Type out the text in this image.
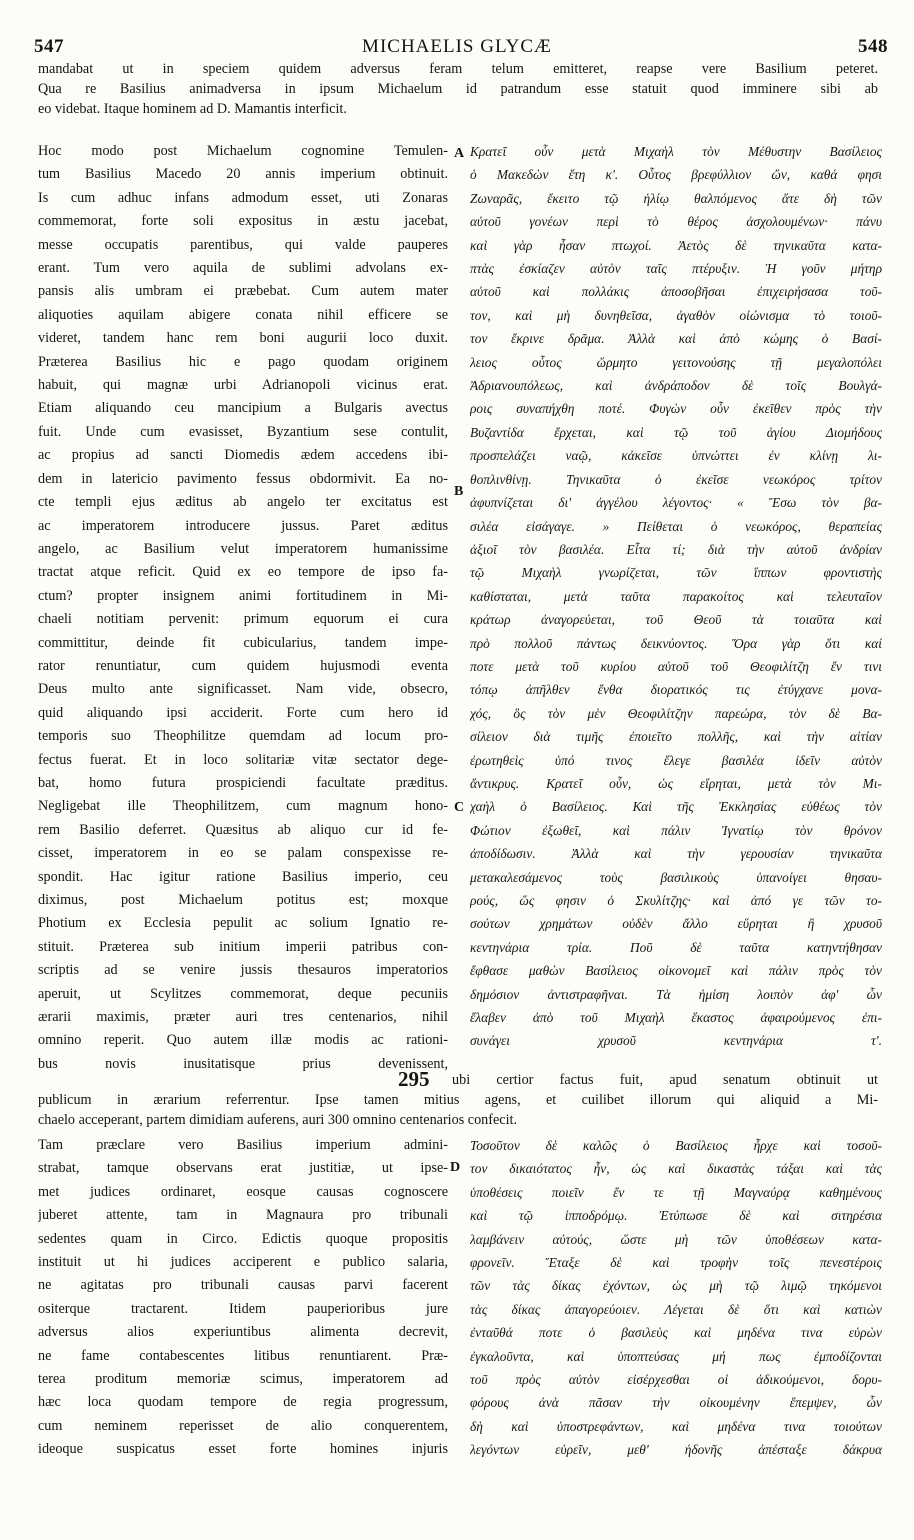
547	MICHAELIS GLYCÆ	548
mandabat ut in speciem quidem adversus feram telum emitteret, reapse vere Basilium peteret.
Qua re Basilius animadversa in ipsum Michaelum id patrandum esse statuit quod imminere sibi ab
eo videbat. Itaque hominem ad D. Mamantis interficit.
Hoc modo post Michaelum cognomine Temulen-
tum Basilius Macedo 20 annis imperium obtinuit.
Is cum adhuc infans admodum esset, uti Zonaras
commemorat, forte soli expositus in æstu jacebat,
messe occupatis parentibus, qui valde pauperes
erant. Tum vero aquila de sublimi advolans ex-
pansis alis umbram ei præbebat. Cum autem mater
aliquoties aquilam abigere conata nihil efficere se
videret, tandem hanc rem boni augurii loco duxit.
Præterea Basilius hic e pago quodam originem
habuit, qui magnæ urbi Adrianopoli vicinus erat.
Etiam aliquando ceu mancipium a Bulgaris avectus
fuit. Unde cum evasisset, Byzantium sese contulit,
ac propius ad sancti Diomedis ædem accedens ibi-
dem in latericio pavimento fessus obdormivit. Ea no-
cte templi ejus æditus ab angelo ter excitatus est
ac imperatorem introducere jussus. Paret æditus
angelo, ac Basilium velut imperatorem humanissime
tractat atque reficit. Quid ex eo tempore de ipso fa-
ctum? propter insignem animi fortitudinem in Mi-
chaeli notitiam pervenit: primum equorum ei cura
committitur, deinde fit cubicularius, tandem impe-
rator renuntiatur, cum quidem hujusmodi eventa
Deus multo ante significasset. Nam vide, obsecro,
quid aliquando ipsi acciderit. Forte cum hero id
temporis suo Theophilitze quemdam ad locum pro-
fectus fuerat. Et in loco solitariæ vitæ sectator dege-
bat, homo futura prospiciendi facultate præditus.
Negligebat ille Theophilitzem, cum magnum hono-
rem Basilio deferret. Quæsitus ab aliquo cur id fe-
cisset, imperatorem in eo se palam conspexisse re-
spondit. Hac igitur ratione Basilius imperio, ceu
diximus, post Michaelum potitus est; moxque
Photium ex Ecclesia pepulit ac solium Ignatio re-
stituit. Præterea sub initium imperii patribus con-
scriptis ad se venire jussis thesauros imperatorios
aperuit, ut Scylitzes commemorat, deque pecuniis
ærarii maximis, præter auri tres centenarios, nihil
omnino reperit. Quo autem illæ modis ac rationi-
bus novis inusitatisque prius devenissent,
Κρατεῖ οὖν μετὰ Μιχαὴλ τὸν Μέθυστην Βασίλειος
ὁ Μακεδὼν ἔτη κ'. Οὗτος βρεφύλλιον ὤν, καθά φησι
Ζωναρᾶς, ἔκειτο τῷ ἡλίῳ θαλπόμενος ἅτε δὴ τῶν
αὐτοῦ γονέων περὶ τὸ θέρος ἀσχολουμένων· πάνυ
καὶ γὰρ ἦσαν πτωχοί. Ἀετὸς δὲ τηνικαῦτα κατα-
πτὰς ἐσκίαζεν αὐτὸν ταῖς πτέρυξιν. Ἡ γοῦν μήτηρ
αὐτοῦ καὶ πολλάκις ἀποσοβῆσαι ἐπιχειρήσασα τοῦ-
τον, καὶ μὴ δυνηθεῖσα, ἀγαθὸν οἰώνισμα τὸ τοιοῦ-
τον ἔκρινε δρᾶμα. Ἀλλὰ καὶ ἀπὸ κώμης ὁ Βασί-
λειος οὗτος ὥρμητο γειτονούσης τῇ μεγαλοπόλει
Ἀδριανουπόλεως, καὶ ἀνδράποδον δὲ τοῖς Βουλγά-
ροις συναπήχθη ποτέ. Φυγὼν οὖν ἐκεῖθεν πρὸς τὴν
Βυζαντίδα ἔρχεται, καὶ τῷ τοῦ ἁγίου Διομήδους
προσπελάζει ναῷ, κἀκεῖσε ὑπνώττει ἐν κλίνῃ λι-
θοπλινθίνῃ. Τηνικαῦτα ὁ ἐκεῖσε νεωκόρος τρίτον
ἀφυπνίζεται δι' ἀγγέλου λέγοντος· « Ἔσω τὸν βα-
σιλέα εἰσάγαγε. » Πείθεται ὁ νεωκόρος, θεραπείας
ἀξιοῖ τὸν βασιλέα. Εἶτα τί; διὰ τὴν αὐτοῦ ἀνδρίαν
τῷ Μιχαὴλ γνωρίζεται, τῶν ἵππων φροντιστὴς
καθίσταται, μετὰ ταῦτα παρακοίτος καὶ τελευταῖον
κράτωρ ἀναγορεύεται, τοῦ Θεοῦ τὰ τοιαῦτα καὶ
πρὸ πολλοῦ πάντως δεικνύοντος. Ὅρα γὰρ ὅτι καί
ποτε μετὰ τοῦ κυρίου αὐτοῦ τοῦ Θεοφιλίτζη ἔν τινι
τόπῳ ἀπῆλθεν ἔνθα διορατικός τις ἐτύγχανε μονα-
χός, ὃς τὸν μὲν Θεοφιλίτζην παρεώρα, τὸν δὲ Βα-
σίλειον διὰ τιμῆς ἐποιεῖτο πολλῆς, καὶ τὴν αἰτίαν
ἐρωτηθεὶς ὑπό τινος ἔλεγε βασιλέα ἰδεῖν αὐτὸν
ἄντικρυς. Κρατεῖ οὖν, ὡς εἴρηται, μετὰ τὸν Μι-
χαὴλ ὁ Βασίλειος. Καὶ τῆς Ἐκκλησίας εὐθέως τὸν
Φώτιον ἐξωθεῖ, καὶ πάλιν Ἰγνατίῳ τὸν θρόνον
ἀποδίδωσιν. Ἀλλὰ καὶ τὴν γερουσίαν τηνικαῦτα
μετακαλεσάμενος τοὺς βασιλικοὺς ὑπανοίγει θησαυ-
ρούς, ὥς φησιν ὁ Σκυλίτζης· καὶ ἀπό γε τῶν το-
σούτων χρημάτων οὐδὲν ἄλλο εὕρηται ἢ χρυσοῦ
κεντηνάρια τρία. Ποῦ δὲ ταῦτα κατηντήθησαν
ἔφθασε μαθὼν Βασίλειος οἰκονομεῖ καὶ πάλιν πρὸς τὸν
δημόσιον ἀντιστραφῆναι. Τὰ ἡμίση λοιπὸν ἀφ' ὧν
ἔλαβεν ἀπὸ τοῦ Μιχαὴλ ἕκαστος ἀφαιρούμενος ἐπι-
συνάγει χρυσοῦ κεντηνάρια τ'.
A
B
C
D
295 ubi certior factus fuit, apud senatum obtinuit ut
publicum in ærarium referrentur. Ipse tamen mitius agens, et cuilibet illorum qui aliquid a Mi-
chaelo acceperant, partem dimidiam auferens, auri 300 omnino centenarios confecit.
Tam præclare vero Basilius imperium admini-
strabat, tamque observans erat justitiæ, ut ipse-
met judices ordinaret, eosque causas cognoscere
juberet attente, tam in Magnaura pro tribunali
sedentes quam in Circo. Edictis quoque propositis
instituit ut hi judices acciperent e publico salaria,
ne agitatas pro tribunali causas parvi facerent
ositerque tractarent. Itidem pauperioribus jure
adversus alios experiuntibus alimenta decrevit,
ne fame contabescentes litibus renuntiarent. Præ-
terea proditum memoriæ scimus, imperatorem ad
hæc loca quodam tempore de regia progressum,
cum neminem reperisset de alio conquerentem,
ideoque suspicatus esset forte homines injuris
Τοσοῦτον δὲ καλῶς ὁ Βασίλειος ἦρχε καὶ τοσοῦ-
τον δικαιότατος ἦν, ὡς καὶ δικαστὰς τάξαι καὶ τὰς
ὑποθέσεις ποιεῖν ἔν τε τῇ Μαγναύρᾳ καθημένους
καὶ τῷ ἱπποδρόμῳ. Ἐτύπωσε δὲ καὶ σιτηρέσια
λαμβάνειν αὐτούς, ὥστε μὴ τῶν ὑποθέσεων κατα-
φρονεῖν. Ἔταξε δὲ καὶ τροφὴν τοῖς πενεστέροις
τῶν τὰς δίκας ἐχόντων, ὡς μὴ τῷ λιμῷ τηκόμενοι
τὰς δίκας ἀπαγορεύοιεν. Λέγεται δὲ ὅτι καὶ κατιὼν
ἐνταῦθά ποτε ὁ βασιλεὺς καὶ μηδένα τινα εὑρὼν
ἐγκαλοῦντα, καὶ ὑποπτεύσας μή πως ἐμποδίζονται
τοῦ πρὸς αὐτὸν εἰσέρχεσθαι οἱ ἀδικούμενοι, δορυ-
φόρους ἀνὰ πᾶσαν τὴν οἰκουμένην ἔπεμψεν, ὧν
δὴ καὶ ὑποστρεφάντων, καὶ μηδένα τινα τοιούτων
λεγόντων εὑρεῖν, μεθ' ἡδονῆς ἀπέσταξε δάκρυα
